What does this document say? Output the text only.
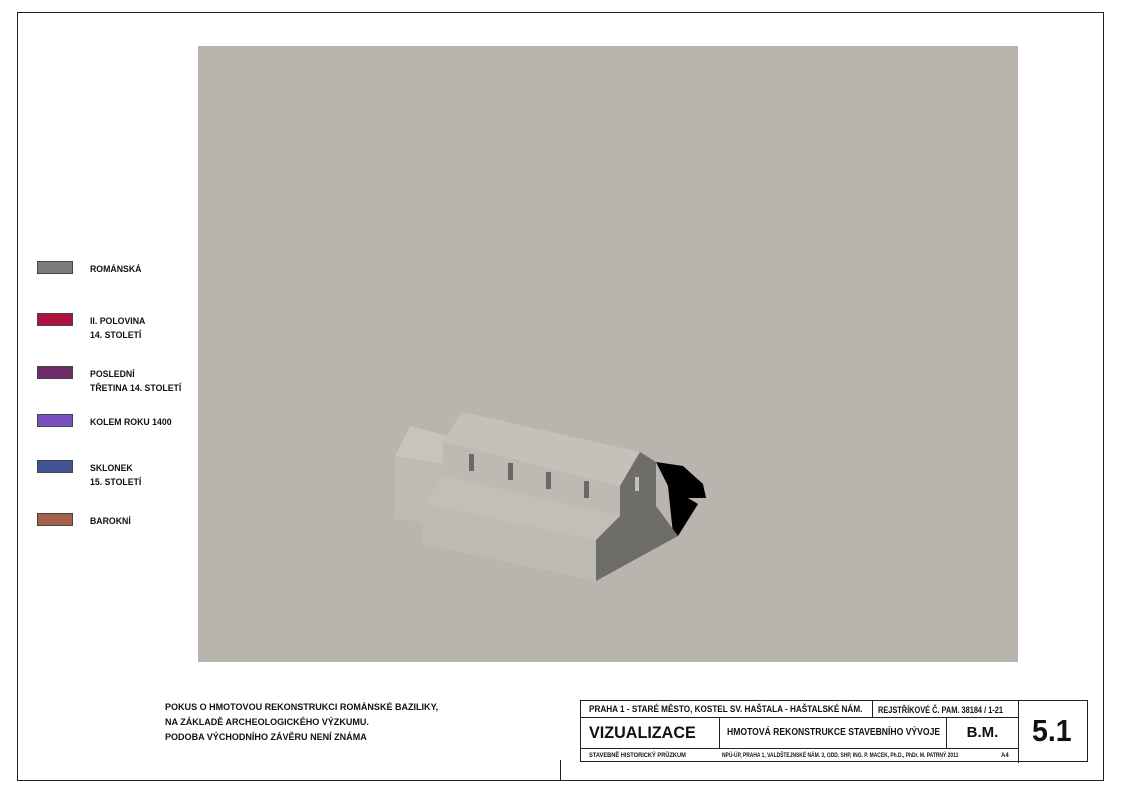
ROMÁNSKÁ
II. POLOVINA
14. STOLETÍ
POSLEDNÍ
TŘETINA 14. STOLETÍ
KOLEM ROKU 1400
SKLONEK
15. STOLETÍ
BAROKNÍ
POKUS O HMOTOVOU REKONSTRUKCI ROMÁNSKÉ BAZILIKY,
NA ZÁKLADĚ ARCHEOLOGICKÉHO VÝZKUMU.
PODOBA VÝCHODNÍHO ZÁVĚRU NENÍ ZNÁMA
PRAHA 1 - STARÉ MĚSTO, KOSTEL SV. HAŠTALA - HAŠTALSKÉ NÁM.	REJSTŘÍKOVÉ Č. PAM. 38184 / 1-21
VIZUALIZACE	HMOTOVÁ REKONSTRUKCE STAVEBNÍHO VÝVOJE	B.M.
STAVEBNĚ HISTORICKÝ PRŮZKUM	NPÚ-ÚP, PRAHA 1, VALDŠTEJNSKÉ NÁM. 3, ODD. SHP, ING. P. MACEK, Ph.D., PhDr. M. PATRNÝ 2011	A4
5.1
